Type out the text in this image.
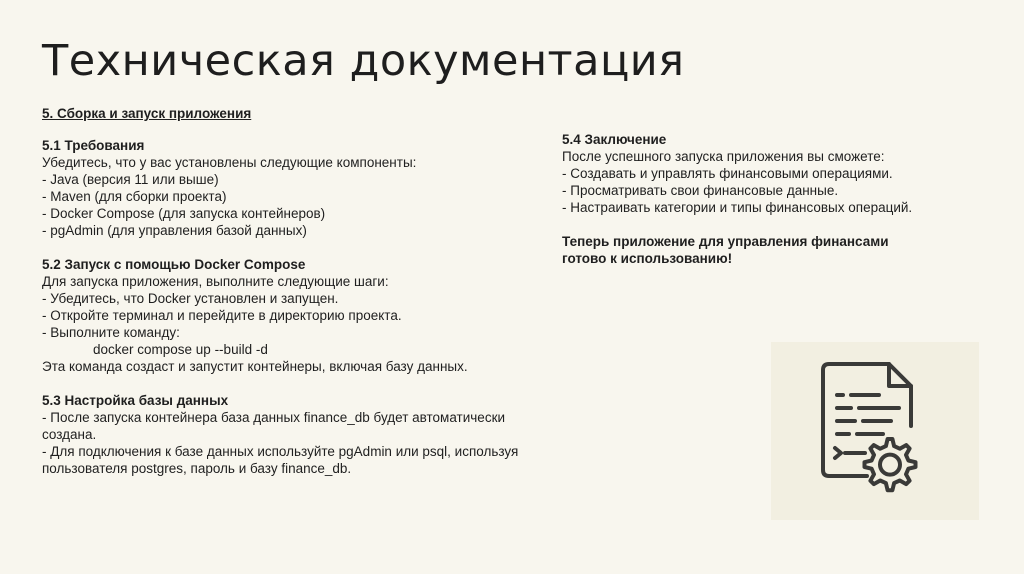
Техническая документация
5. Сборка и запуск приложения
5.1 Требования

Убедитесь, что у вас установлены следующие компоненты:

- Java (версия 11 или выше)
- Maven (для сборки проекта)
- Docker Compose (для запуска контейнеров)
- pgAdmin (для управления базой данных)
5.2 Запуск с помощью Docker Compose

Для запуска приложения, выполните следующие шаги:

- Убедитесь, что Docker установлен и запущен.
- Откройте терминал и перейдите в директорию проекта.
- Выполните команду:

docker compose up --build -d

Эта команда создаст и запустит контейнеры, включая базу данных.

5.3 Настройка базы данных
- После запуска контейнера база данных finance_db будет автоматически создана.
- Для подключения к базе данных используйте pgAdmin или psql, используя пользователя postgres, пароль и базу finance_db.
5.4 Заключение

После успешного запуска приложения вы сможете:

- Создавать и управлять финансовыми операциями.
- Просматривать свои финансовые данные.
- Настраивать категории и типы финансовых операций.

Теперь приложение для управления финансами готово к использованию!
